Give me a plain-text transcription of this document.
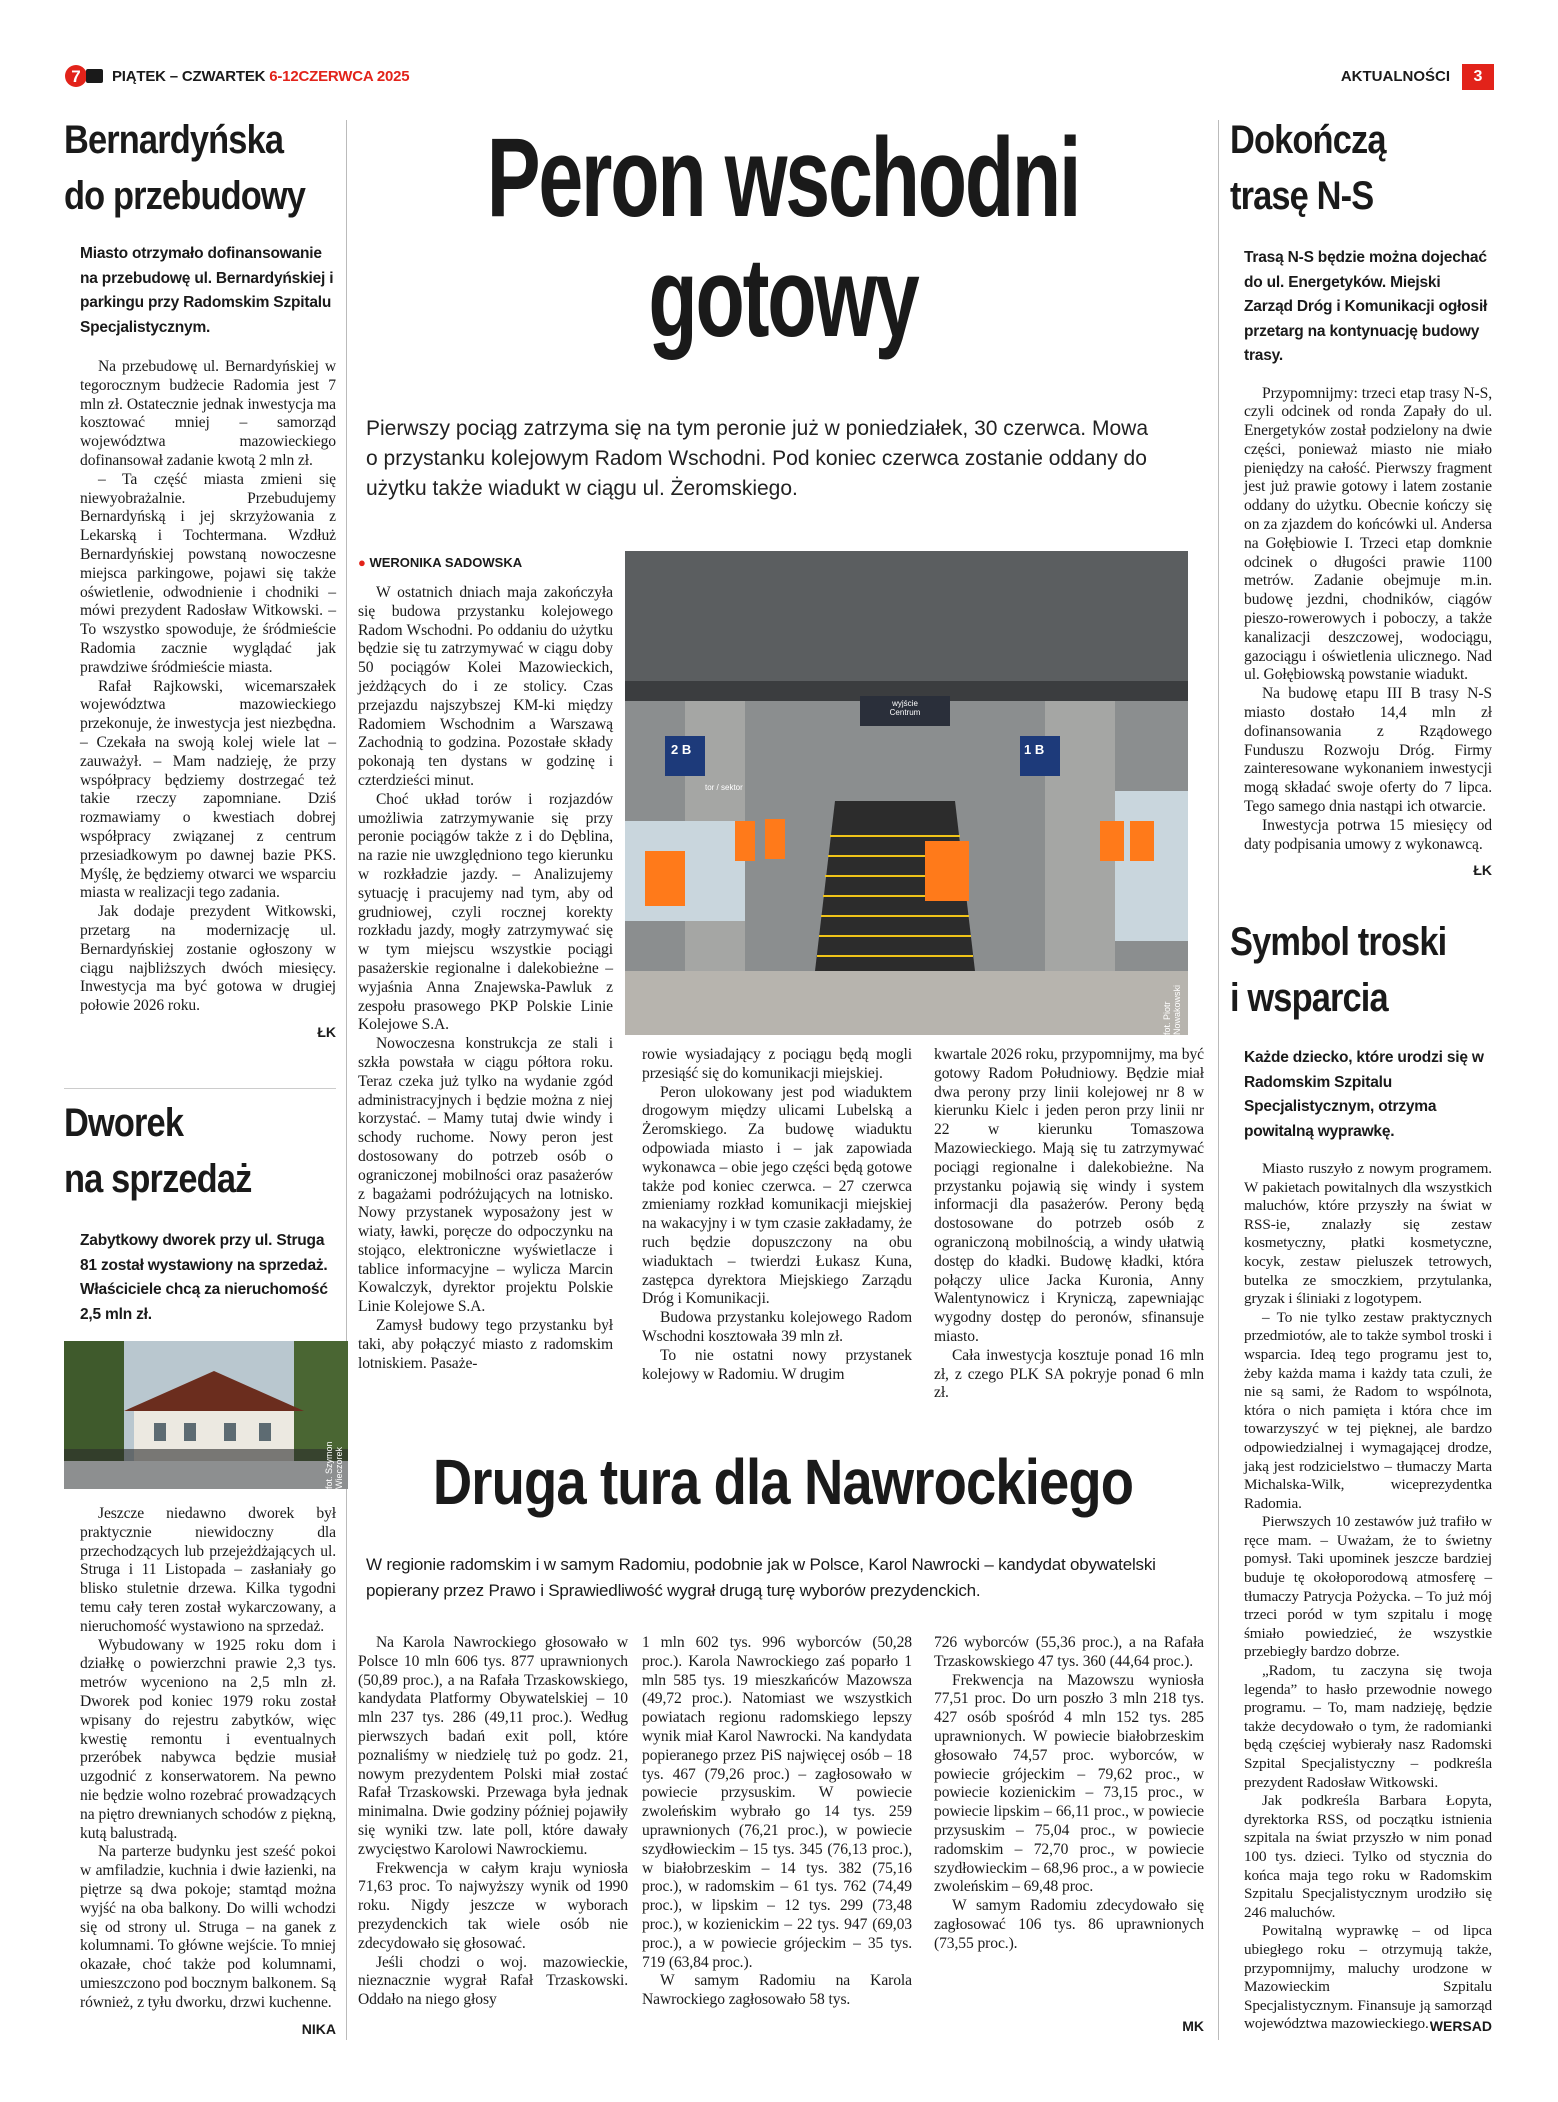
7 PIĄTEK – CZWARTEK 6-12CZERWCA 2025	AKTUALNOŚCI	3
Bernardyńska
do przebudowy
Miasto otrzymało dofinansowanie na przebudowę ul. Bernardyńskiej i parkingu przy Radomskim Szpitalu Specjalistycznym.

Na przebudowę ul. Bernardyńskiej w tegorocznym budżecie Radomia jest 7 mln zł. Ostatecznie jednak inwestycja ma kosztować mniej – samorząd województwa mazowieckiego dofinansował zadanie kwotą 2 mln zł.

– Ta część miasta zmieni się niewyobrażalnie. Przebudujemy Bernardyńską i jej skrzyżowania z Lekarską i Tochtermana. Wzdłuż Bernardyńskiej powstaną nowoczesne miejsca parkingowe, pojawi się także oświetlenie, odwodnienie i chodniki – mówi prezydent Radosław Witkowski. – To wszystko spowoduje, że śródmieście Radomia zacznie wyglądać jak prawdziwe śródmieście miasta.

Rafał Rajkowski, wicemarszałek województwa mazowieckiego przekonuje, że inwestycja jest niezbędna. – Czekała na swoją kolej wiele lat – zauważył. – Mam nadzieję, że przy współpracy będziemy dostrzegać też takie rzeczy zapomniane. Dziś rozmawiamy o kwestiach dobrej współpracy związanej z centrum przesiadkowym po dawnej bazie PKS. Myślę, że będziemy otwarci we wsparciu miasta w realizacji tego zadania.

Jak dodaje prezydent Witkowski, przetarg na modernizację ul. Bernardyńskiej zostanie ogłoszony w ciągu najbliższych dwóch miesięcy. Inwestycja ma być gotowa w drugiej połowie 2026 roku.

ŁK
Dworek
na sprzedaż
Zabytkowy dworek przy ul. Struga 81 został wystawiony na sprzedaż. Właściciele chcą za nieruchomość 2,5 mln zł.
fot. Szymon Wieczorek

Jeszcze niedawno dworek był praktycznie niewidoczny dla przechodzących lub przejeżdżających ul. Struga i 11 Listopada – zasłaniały go blisko stuletnie drzewa. Kilka tygodni temu cały teren został wykarczowany, a nieruchomość wystawiono na sprzedaż.

Wybudowany w 1925 roku dom i działkę o powierzchni prawie 2,3 tys. metrów wyceniono na 2,5 mln zł. Dworek pod koniec 1979 roku został wpisany do rejestru zabytków, więc kwestię remontu i eventualnych przeróbek nabywca będzie musiał uzgodnić z konserwatorem. Na pewno nie będzie wolno rozebrać prowadzących na piętro drewnianych schodów z piękną, kutą balustradą.

Na parterze budynku jest sześć pokoi w amfiladzie, kuchnia i dwie łazienki, na piętrze są dwa pokoje; stamtąd można wyjść na oba balkony. Do willi wchodzi się od strony ul. Struga – na ganek z kolumnami. To główne wejście. To mniej okazałe, choć także pod kolumnami, umieszczono pod bocznym balkonem. Są również, z tyłu dworku, drzwi kuchenne.

NIKA
Peron wschodni
gotowy
Pierwszy pociąg zatrzyma się na tym peronie już w poniedziałek, 30 czerwca. Mowa o przystanku kolejowym Radom Wschodni. Pod koniec czerwca zostanie oddany do użytku także wiadukt w ciągu ul. Żeromskiego.
● WERONIKA SADOWSKA
2 B	1 B
tor / sektor
wyjście
Centrum
fot. Piotr Nowakowski

W ostatnich dniach maja zakończyła się budowa przystanku kolejowego Radom Wschodni. Po oddaniu do użytku będzie się tu zatrzymywać w ciągu doby 50 pociągów Kolei Mazowieckich, jeżdżących do i ze stolicy. Czas przejazdu najszybszej KM-ki między Radomiem Wschodnim a Warszawą Zachodnią to godzina. Pozostałe składy pokonają ten dystans w godzinę i czterdzieści minut.

Choć układ torów i rozjazdów umożliwia zatrzymywanie się przy peronie pociągów także z i do Dęblina, na razie nie uwzględniono tego kierunku w rozkładzie jazdy. – Analizujemy sytuację i pracujemy nad tym, aby od grudniowej, czyli rocznej korekty rozkładu jazdy, mogły zatrzymywać się w tym miejscu wszystkie pociągi pasażerskie regionalne i dalekobieżne – wyjaśnia Anna Znajewska-Pawluk z zespołu prasowego PKP Polskie Linie Kolejowe S.A.

Nowoczesna konstrukcja ze stali i szkła powstała w ciągu półtora roku. Teraz czeka już tylko na wydanie zgód administracyjnych i będzie można z niej korzystać. – Mamy tutaj dwie windy i schody ruchome. Nowy peron jest dostosowany do potrzeb osób o ograniczonej mobilności oraz pasażerów z bagażami podróżujących na lotnisko. Nowy przystanek wyposażony jest w wiaty, ławki, poręcze do odpoczynku na stojąco, elektroniczne wyświetlacze i tablice informacyjne – wylicza Marcin Kowalczyk, dyrektor projektu Polskie Linie Kolejowe S.A.

Zamysł budowy tego przystanku był taki, aby połączyć miasto z radomskim lotniskiem. Pasaże-

rowie wysiadający z pociągu będą mogli przesiąść się do komunikacji miejskiej.

Peron ulokowany jest pod wiaduktem drogowym między ulicami Lubelską a Żeromskiego. Za budowę wiaduktu odpowiada miasto i – jak zapowiada wykonawca – obie jego części będą gotowe także pod koniec czerwca. – 27 czerwca zmieniamy rozkład komunikacji miejskiej na wakacyjny i w tym czasie zakładamy, że ruch będzie dopuszczony na obu wiaduktach – twierdzi Łukasz Kuna, zastępca dyrektora Miejskiego Zarządu Dróg i Komunikacji.

Budowa przystanku kolejowego Radom Wschodni kosztowała 39 mln zł.

To nie ostatni nowy przystanek kolejowy w Radomiu. W drugim

kwartale 2026 roku, przypomnijmy, ma być gotowy Radom Południowy. Będzie miał dwa perony przy linii kolejowej nr 8 w kierunku Kielc i jeden peron przy linii nr 22 w kierunku Tomaszowa Mazowieckiego. Mają się tu zatrzymywać pociągi regionalne i dalekobieżne. Na przystanku pojawią się windy i system informacji dla pasażerów. Perony będą dostosowane do potrzeb osób z ograniczoną mobilnością, a windy ułatwią dostęp do kładki. Budowę kładki, która połączy ulice Jacka Kuronia, Anny Walentynowicz i Kryniczą, zapewniając wygodny dostęp do peronów, sfinansuje miasto.

Cała inwestycja kosztuje ponad 16 mln zł, z czego PLK SA pokryje ponad 6 mln zł.

Druga tura dla Nawrockiego
W regionie radomskim i w samym Radomiu, podobnie jak w Polsce, Karol Nawrocki – kandydat obywatelski popierany przez Prawo i Sprawiedliwość wygrał drugą turę wyborów prezydenckich.

Na Karola Nawrockiego głosowało w Polsce 10 mln 606 tys. 877 uprawnionych (50,89 proc.), a na Rafała Trzaskowskiego, kandydata Platformy Obywatelskiej – 10 mln 237 tys. 286 (49,11 proc.). Według pierwszych badań exit poll, które poznaliśmy w niedzielę tuż po godz. 21, nowym prezydentem Polski miał zostać Rafał Trzaskowski. Przewaga była jednak minimalna. Dwie godziny później pojawiły się wyniki tzw. late poll, które dawały zwycięstwo Karolowi Nawrockiemu.

Frekwencja w całym kraju wyniosła 71,63 proc. To najwyższy wynik od 1990 roku. Nigdy jeszcze w wyborach prezydenckich tak wiele osób nie zdecydowało się głosować.

Jeśli chodzi o woj. mazowieckie, nieznacznie wygrał Rafał Trzaskowski. Oddało na niego głosy

1 mln 602 tys. 996 wyborców (50,28 proc.). Karola Nawrockiego zaś poparło 1 mln 585 tys. 19 mieszkańców Mazowsza (49,72 proc.). Natomiast we wszystkich powiatach regionu radomskiego lepszy wynik miał Karol Nawrocki. Na kandydata popieranego przez PiS najwięcej osób – 18 tys. 467 (79,26 proc.) – zagłosowało w powiecie przysuskim. W powiecie zwoleńskim wybrało go 14 tys. 259 uprawnionych (76,21 proc.), w powiecie szydłowieckim – 15 tys. 345 (76,13 proc.), w białobrzeskim – 14 tys. 382 (75,16 proc.), w radomskim – 61 tys. 762 (74,49 proc.), w lipskim – 12 tys. 299 (73,48 proc.), w kozienickim – 22 tys. 947 (69,03 proc.), a w powiecie grójeckim – 35 tys. 719 (63,84 proc.).

W samym Radomiu na Karola Nawrockiego zagłosowało 58 tys.

726 wyborców (55,36 proc.), a na Rafała Trzaskowskiego 47 tys. 360 (44,64 proc.).

Frekwencja na Mazowszu wyniosła 77,51 proc. Do urn poszło 3 mln 218 tys. 427 osób spośród 4 mln 152 tys. 285 uprawnionych. W powiecie białobrzeskim głosowało 74,57 proc. wyborców, w powiecie grójeckim – 79,62 proc., w powiecie kozienickim – 73,15 proc., w powiecie lipskim – 66,11 proc., w powiecie przysuskim – 75,04 proc., w powiecie radomskim – 72,70 proc., w powiecie szydłowieckim – 68,96 proc., a w powiecie zwoleńskim – 69,48 proc.

W samym Radomiu zdecydowało się zagłosować 106 tys. 86 uprawnionych (73,55 proc.).

MK
Dokończą
trasę N-S
Trasą N-S będzie można dojechać do ul. Energetyków. Miejski Zarząd Dróg i Komunikacji ogłosił przetarg na kontynuację budowy trasy.

Przypomnijmy: trzeci etap trasy N-S, czyli odcinek od ronda Zapały do ul. Energetyków został podzielony na dwie części, ponieważ miasto nie miało pieniędzy na całość. Pierwszy fragment jest już prawie gotowy i latem zostanie oddany do użytku. Obecnie kończy się on za zjazdem do końcówki ul. Andersa na Gołębiowie I. Trzeci etap domknie odcinek o długości prawie 1100 metrów. Zadanie obejmuje m.in. budowę jezdni, chodników, ciągów pieszo-rowerowych i poboczy, a także kanalizacji deszczowej, wodociągu, gazociągu i oświetlenia ulicznego. Nad ul. Gołębiowską powstanie wiadukt.

Na budowę etapu III B trasy N-S miasto dostało 14,4 mln zł dofinansowania z Rządowego Funduszu Rozwoju Dróg. Firmy zainteresowane wykonaniem inwestycji mogą składać swoje oferty do 7 lipca. Tego samego dnia nastąpi ich otwarcie.

Inwestycja potrwa 15 miesięcy od daty podpisania umowy z wykonawcą.

ŁK
Symbol troski
i wsparcia
Każde dziecko, które urodzi się w Radomskim Szpitalu Specjalistycznym, otrzyma powitalną wyprawkę.

Miasto ruszyło z nowym programem. W pakietach powitalnych dla wszystkich maluchów, które przyszły na świat w RSS-ie, znalazły się zestaw kosmetyczny, płatki kosmetyczne, kocyk, zestaw pieluszek tetrowych, butelka ze smoczkiem, przytulanka, gryzak i śliniaki z logotypem.

– To nie tylko zestaw praktycznych przedmiotów, ale to także symbol troski i wsparcia. Ideą tego programu jest to, żeby każda mama i każdy tata czuli, że nie są sami, że Radom to wspólnota, która o nich pamięta i która chce im towarzyszyć w tej pięknej, ale bardzo odpowiedzialnej i wymagającej drodze, jaką jest rodzicielstwo – tłumaczy Marta Michalska-Wilk, wiceprezydentka Radomia.

Pierwszych 10 zestawów już trafiło w ręce mam. – Uważam, że to świetny pomysł. Taki upominek jeszcze bardziej buduje tę okołoporodową atmosferę – tłumaczy Patrycja Pożycka. – To już mój trzeci poród w tym szpitalu i mogę śmiało powiedzieć, że wszystkie przebiegły bardzo dobrze.

„Radom, tu zaczyna się twoja legenda” to hasło przewodnie nowego programu. – To, mam nadzieję, będzie także decydowało o tym, że radomianki będą częściej wybierały nasz Radomski Szpital Specjalistyczny – podkreśla prezydent Radosław Witkowski.

Jak podkreśla Barbara Łopyta, dyrektorka RSS, od początku istnienia szpitala na świat przyszło w nim ponad 100 tys. dzieci. Tylko od stycznia do końca maja tego roku w Radomskim Szpitalu Specjalistycznym urodziło się 246 maluchów.

Powitalną wyprawkę – od lipca ubiegłego roku – otrzymują także, przypomnijmy, maluchy urodzone w Mazowieckim Szpitalu Specjalistycznym. Finansuje ją samorząd województwa mazowieckiego. WERSAD
